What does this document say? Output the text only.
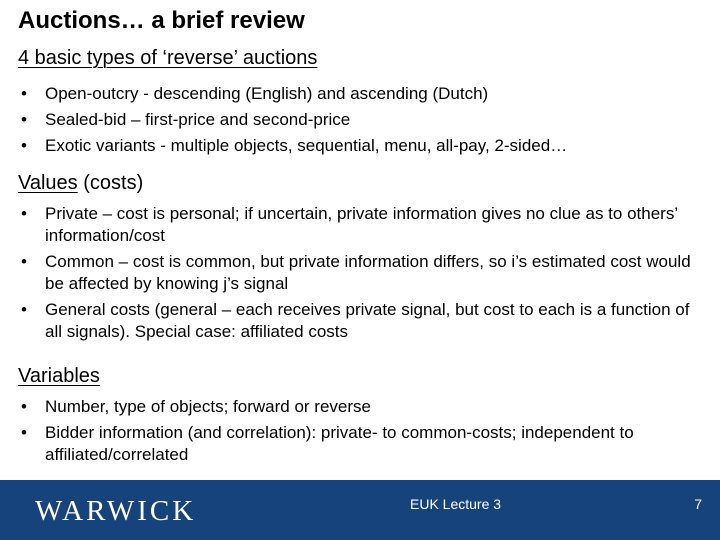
Auctions… a brief review
4 basic types of ‘reverse’ auctions
• Open-outcry - descending (English) and ascending (Dutch)
• Sealed-bid – first-price and second-price
• Exotic variants - multiple objects, sequential, menu, all-pay, 2-sided…
Values (costs)
• Private – cost is personal; if uncertain, private information gives no clue as to others’ information/cost
• Common – cost is common, but private information differs, so i’s estimated cost would be affected by knowing j’s signal
• General costs (general – each receives private signal, but cost to each is a function of all signals). Special case: affiliated costs
Variables
• Number, type of objects; forward or reverse
• Bidder information (and correlation): private- to common-costs; independent to affiliated/correlated
WARWICK	EUK Lecture 3	7
